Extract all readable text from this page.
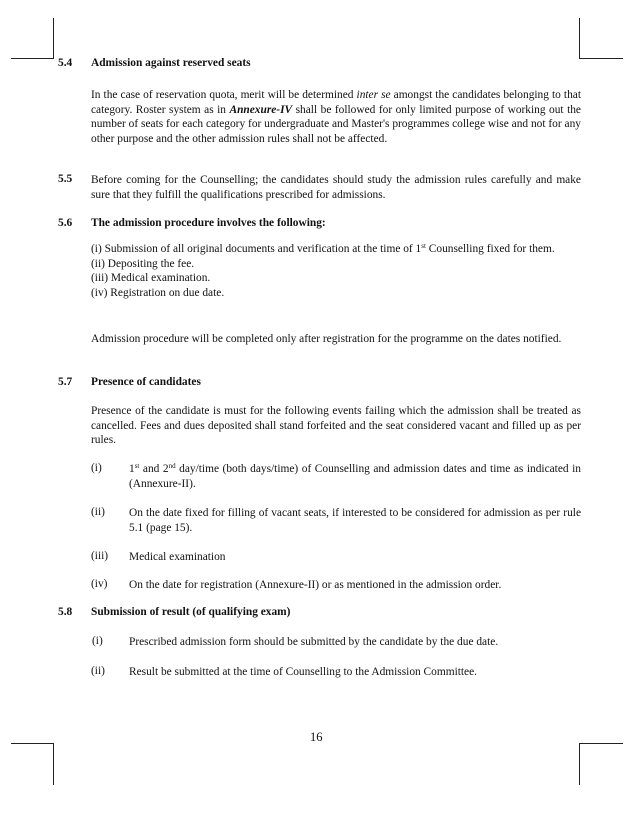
5.4 Admission against reserved seats

In the case of reservation quota, merit will be determined inter se amongst the candidates belonging to that category. Roster system as in Annexure-IV shall be followed for only limited purpose of working out the number of seats for each category for undergraduate and Master's programmes college wise and not for any other purpose and the other admission rules shall not be affected.

5.5 Before coming for the Counselling; the candidates should study the admission rules carefully and make sure that they fulfill the qualifications prescribed for admissions.

5.6 The admission procedure involves the following:
(i) Submission of all original documents and verification at the time of 1st Counselling fixed for them.
(ii) Depositing the fee.
(iii) Medical examination.
(iv) Registration on due date.

Admission procedure will be completed only after registration for the programme on the dates notified.

5.7 Presence of candidates

Presence of the candidate is must for the following events failing which the admission shall be treated as cancelled. Fees and dues deposited shall stand forfeited and the seat considered vacant and filled up as per rules.

(i) 1st and 2nd day/time (both days/time) of Counselling and admission dates and time as indicated in (Annexure-II).

(ii) On the date fixed for filling of vacant seats, if interested to be considered for admission as per rule 5.1 (page 15).

(iii) Medical examination

(iv) On the date for registration (Annexure-II) or as mentioned in the admission order.

5.8 Submission of result (of qualifying exam)
(i) Prescribed admission form should be submitted by the candidate by the due date.

(ii) Result be submitted at the time of Counselling to the Admission Committee.

16
